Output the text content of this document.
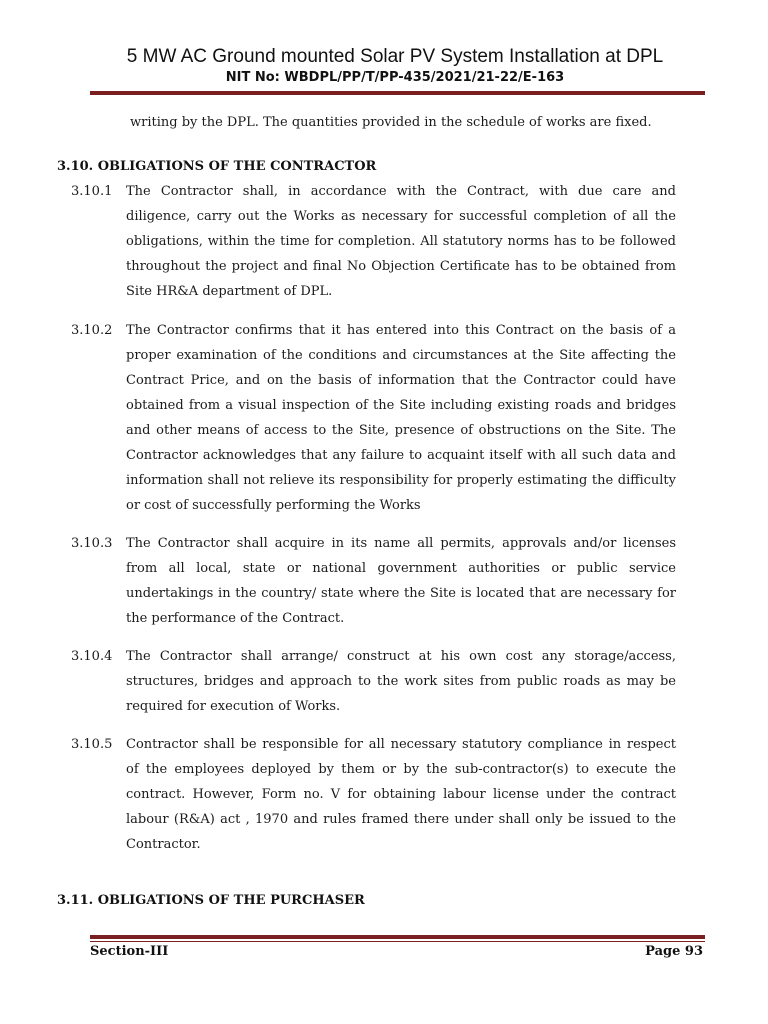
5 MW AC Ground mounted Solar PV System Installation at DPL
NIT No: WBDPL/PP/T/PP-435/2021/21-22/E-163
writing by the DPL. The quantities provided in the schedule of works are fixed.
3.10. OBLIGATIONS OF THE CONTRACTOR
3.10.1 The Contractor shall, in accordance with the Contract, with due care and diligence, carry out the Works as necessary for successful completion of all the obligations, within the time for completion. All statutory norms has to be followed throughout the project and final No Objection Certificate has to be obtained from Site HR&A department of DPL.
3.10.2 The Contractor confirms that it has entered into this Contract on the basis of a proper examination of the conditions and circumstances at the Site affecting the Contract Price, and on the basis of information that the Contractor could have obtained from a visual inspection of the Site including existing roads and bridges and other means of access to the Site, presence of obstructions on the Site. The Contractor acknowledges that any failure to acquaint itself with all such data and information shall not relieve its responsibility for properly estimating the difficulty or cost of successfully performing the Works
3.10.3 The Contractor shall acquire in its name all permits, approvals and/or licenses from all local, state or national government authorities or public service undertakings in the country/ state where the Site is located that are necessary for the performance of the Contract.
3.10.4 The Contractor shall arrange/ construct at his own cost any storage/access, structures, bridges and approach to the work sites from public roads as may be required for execution of Works.
3.10.5 Contractor shall be responsible for all necessary statutory compliance in respect of the employees deployed by them or by the sub-contractor(s) to execute the contract. However, Form no. V for obtaining labour license under the contract labour (R&A) act , 1970 and rules framed there under shall only be issued to the Contractor.
3.11. OBLIGATIONS OF THE PURCHASER
Section-III	Page 93
